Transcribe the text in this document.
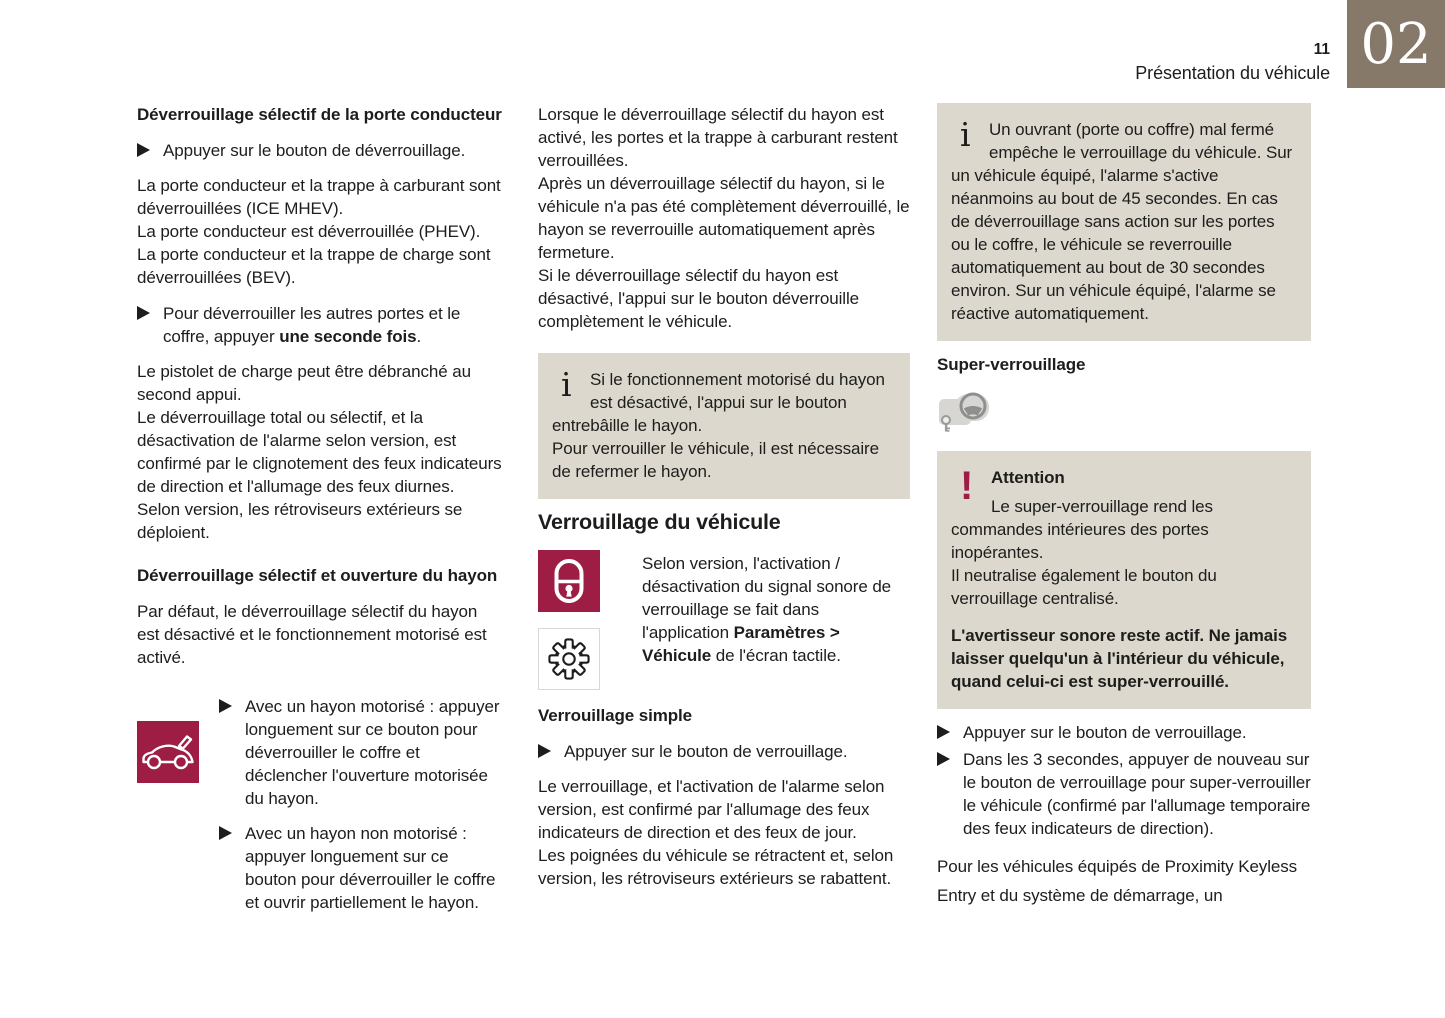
11
Présentation du véhicule 02
Déverrouillage sélectif de la porte conducteur
Appuyer sur le bouton de déverrouillage.
La porte conducteur et la trappe à carburant sont déverrouillées (ICE MHEV).
La porte conducteur est déverrouillée (PHEV).
La porte conducteur et la trappe de charge sont déverrouillées (BEV).
Pour déverrouiller les autres portes et le coffre, appuyer une seconde fois.
Le pistolet de charge peut être débranché au second appui.
Le déverrouillage total ou sélectif, et la désactivation de l'alarme selon version, est confirmé par le clignotement des feux indicateurs de direction et l'allumage des feux diurnes.
Selon version, les rétroviseurs extérieurs se déploient.
Déverrouillage sélectif et ouverture du hayon
Par défaut, le déverrouillage sélectif du hayon est désactivé et le fonctionnement motorisé est activé.
Avec un hayon motorisé : appuyer longuement sur ce bouton pour déverrouiller le coffre et déclencher l'ouverture motorisée du hayon.
Avec un hayon non motorisé : appuyer longuement sur ce bouton pour déverrouiller le coffre et ouvrir partiellement le hayon.
Lorsque le déverrouillage sélectif du hayon est activé, les portes et la trappe à carburant restent verrouillées.
Après un déverrouillage sélectif du hayon, si le véhicule n'a pas été complètement déverrouillé, le hayon se reverrouille automatiquement après fermeture.
Si le déverrouillage sélectif du hayon est désactivé, l'appui sur le bouton déverrouille complètement le véhicule.
i	Si le fonctionnement motorisé du hayon est désactivé, l'appui sur le bouton entrebâille le hayon.
Pour verrouiller le véhicule, il est nécessaire de refermer le hayon.
Verrouillage du véhicule
Selon version, l'activation / désactivation du signal sonore de verrouillage se fait dans l'application Paramètres > Véhicule de l'écran tactile.
Verrouillage simple
Appuyer sur le bouton de verrouillage.
Le verrouillage, et l'activation de l'alarme selon version, est confirmé par l'allumage des feux indicateurs de direction et des feux de jour.
Les poignées du véhicule se rétractent et, selon version, les rétroviseurs extérieurs se rabattent.
i	Un ouvrant (porte ou coffre) mal fermé empêche le verrouillage du véhicule. Sur un véhicule équipé, l'alarme s'active néanmoins au bout de 45 secondes. En cas de déverrouillage sans action sur les portes ou le coffre, le véhicule se reverrouille automatiquement au bout de 30 secondes environ. Sur un véhicule équipé, l'alarme se réactive automatiquement.
Super-verrouillage
!	Attention
Le super-verrouillage rend les commandes intérieures des portes inopérantes.
Il neutralise également le bouton du verrouillage centralisé.
L'avertisseur sonore reste actif. Ne jamais laisser quelqu'un à l'intérieur du véhicule, quand celui-ci est super-verrouillé.
Appuyer sur le bouton de verrouillage.
Dans les 3 secondes, appuyer de nouveau sur le bouton de verrouillage pour super-verrouiller le véhicule (confirmé par l'allumage temporaire des feux indicateurs de direction).
Pour les véhicules équipés de Proximity Keyless Entry et du système de démarrage, un
